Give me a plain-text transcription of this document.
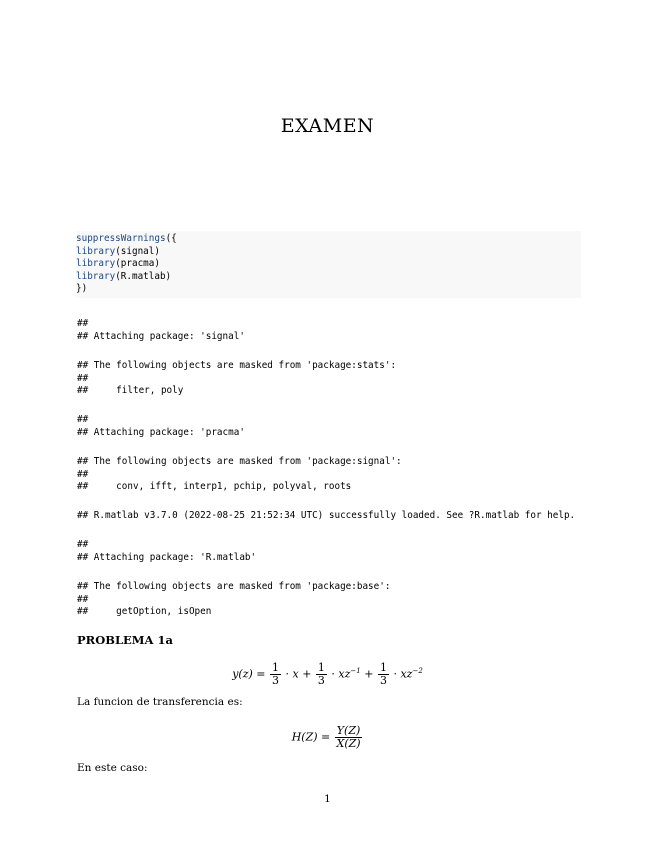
EXAMEN
suppressWarnings({
library(signal)
library(pracma)
library(R.matlab)
})
##
## Attaching package: 'signal'
## The following objects are masked from 'package:stats':
##
##     filter, poly
##
## Attaching package: 'pracma'
## The following objects are masked from 'package:signal':
##
##     conv, ifft, interp1, pchip, polyval, roots
## R.matlab v3.7.0 (2022-08-25 21:52:34 UTC) successfully loaded. See ?R.matlab for help.
##
## Attaching package: 'R.matlab'
## The following objects are masked from 'package:base':
##
##     getOption, isOpen
PROBLEMA 1a
$y(z) = \frac{1}{3} \cdot x + \frac{1}{3} \cdot xz^{-1} + \frac{1}{3} \cdot xz^{-2}$
La funcion de transferencia es:
$H(Z) = \frac{Y(Z)}{X(Z)}$
En este caso:
1
